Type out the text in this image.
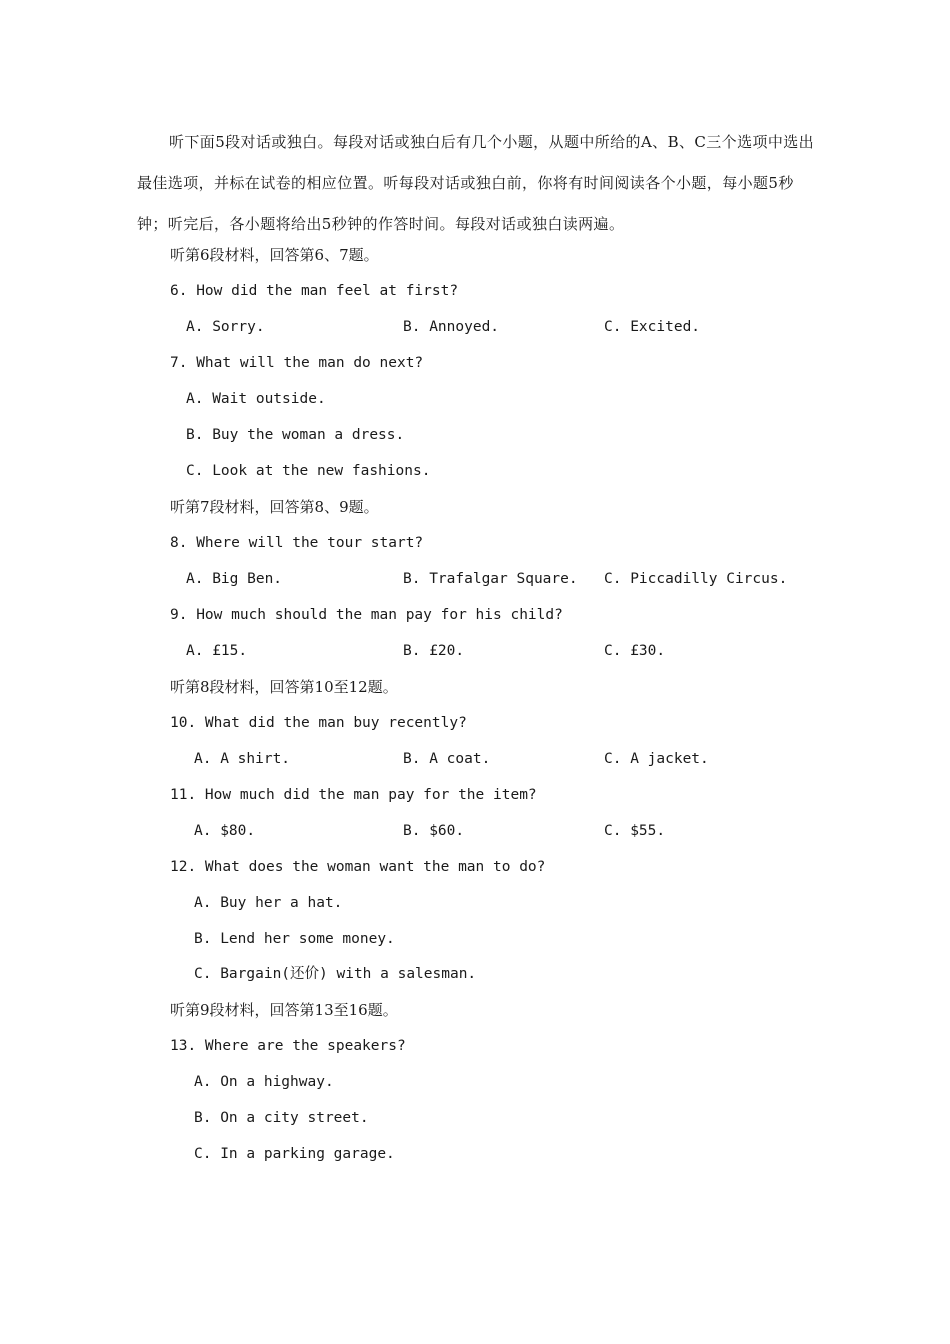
听下面5段对话或独白。每段对话或独白后有几个小题，从题中所给的A、B、C三个选项中选出最佳选项，并标在试卷的相应位置。听每段对话或独白前，你将有时间阅读各个小题，每小题5秒钟；听完后，各小题将给出5秒钟的作答时间。每段对话或独白读两遍。
听第6段材料，回答第6、7题。
6. How did the man feel at first?
A. Sorry.	B. Annoyed.	C. Excited.
7. What will the man do next?
A. Wait outside.
B. Buy the woman a dress.
C. Look at the new fashions.
听第7段材料，回答第8、9题。
8. Where will the tour start?
A. Big Ben.	B. Trafalgar Square. C. Piccadilly Circus.
9. How much should the man pay for his child?
A. £15.	B. £20.	C. £30.
听第8段材料，回答第10至12题。
10. What did the man buy recently?
A. A shirt.	B. A coat.	C. A jacket.
11. How much did the man pay for the item?
A. $80.	B. $60.	C. $55.
12. What does the woman want the man to do?
A. Buy her a hat.
B. Lend her some money.
C. Bargain(还价) with a salesman.
听第9段材料，回答第13至16题。
13. Where are the speakers?
A. On a highway.
B. On a city street.
C. In a parking garage.
